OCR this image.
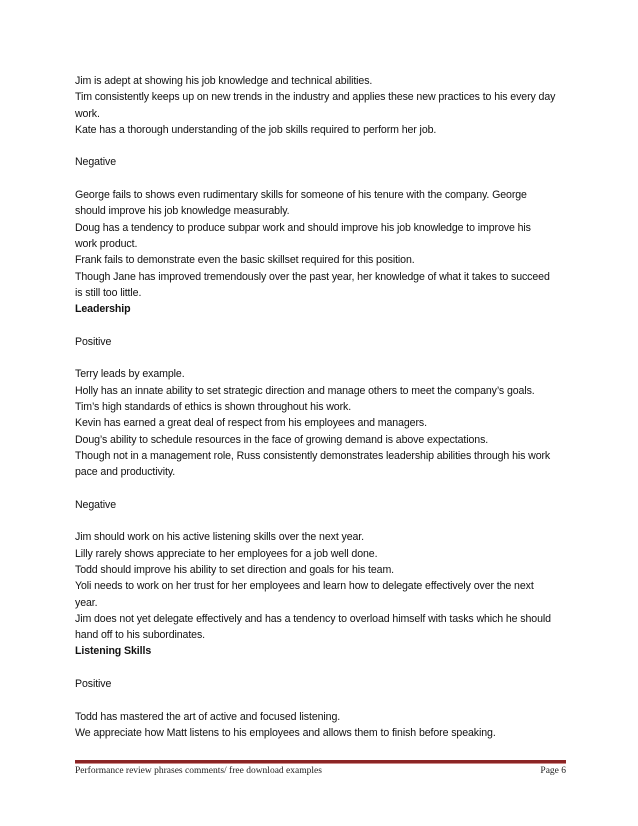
Jim is adept at showing his job knowledge and technical abilities.
Tim consistently keeps up on new trends in the industry and applies these new practices to his every day
work.
Kate has a thorough understanding of the job skills required to perform her job.
Negative
George fails to shows even rudimentary skills for someone of his tenure with the company. George
should improve his job knowledge measurably.
Doug has a tendency to produce subpar work and should improve his job knowledge to improve his
work product.
Frank fails to demonstrate even the basic skillset required for this position.
Though Jane has improved tremendously over the past year, her knowledge of what it takes to succeed
is still too little.
Leadership
Positive
Terry leads by example.
Holly has an innate ability to set strategic direction and manage others to meet the company’s goals.
Tim’s high standards of ethics is shown throughout his work.
Kevin has earned a great deal of respect from his employees and managers.
Doug’s ability to schedule resources in the face of growing demand is above expectations.
Though not in a management role, Russ consistently demonstrates leadership abilities through his work
pace and productivity.
Negative
Jim should work on his active listening skills over the next year.
Lilly rarely shows appreciate to her employees for a job well done.
Todd should improve his ability to set direction and goals for his team.
Yoli needs to work on her trust for her employees and learn how to delegate effectively over the next
year.
Jim does not yet delegate effectively and has a tendency to overload himself with tasks which he should
hand off to his subordinates.
Listening Skills
Positive
Todd has mastered the art of active and focused listening.
We appreciate how Matt listens to his employees and allows them to finish before speaking.
Performance review phrases comments/ free download examples	Page 6
